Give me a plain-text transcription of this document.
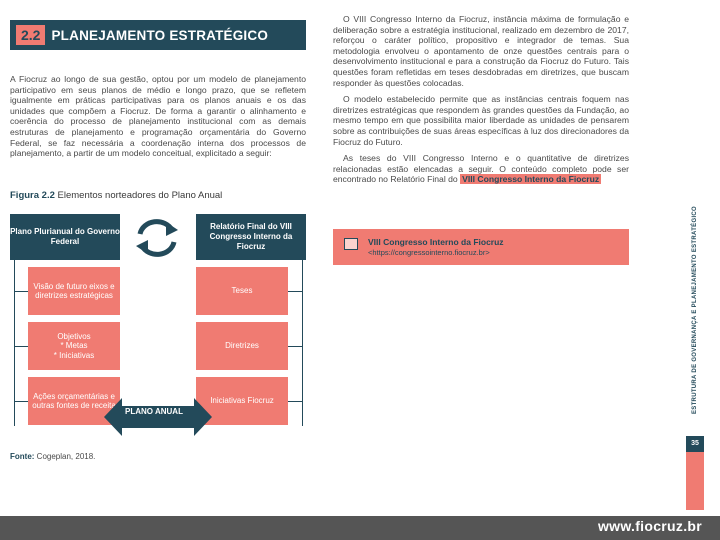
2.2 PLANEJAMENTO ESTRATÉGICO

A Fiocruz ao longo de sua gestão, optou por um modelo de planejamento participativo em seus planos de médio e longo prazo, que se refletem igualmente em práticas participativas para os planos anuais e os das unidades que compõem a Fiocruz. De forma a garantir o alinhamento e coerência do processo de planejamento institucional com as demais estruturas de planejamento e programação orçamentária do Governo Federal, se faz necessária a coordenação interna dos processos de planejamento, a partir de um modelo conceitual, explicitado a seguir:

Figura 2.2 Elementos norteadores do Plano Anual
Plano Plurianual do Governo Federal
Relatório Final do VIII Congresso Interno da Fiocruz
Visão de futuro eixos e diretrizes estratégicas
Objetivos
* Metas
* Iniciativas
Ações orçamentárias e outras fontes de receita
Teses
Diretrizes
Iniciativas Fiocruz
PLANO ANUAL
Fonte: Cogeplan, 2018.

O VIII Congresso Interno da Fiocruz, instância máxima de formulação e deliberação sobre a estratégia institucional, realizado em dezembro de 2017, reforçou o caráter político, propositivo e integrador de temas. Sua metodologia envolveu o apontamento de onze questões centrais para o desenvolvimento institucional e para a construção da Fiocruz do Futuro. Tais questões foram refletidas em teses desdobradas em diretrizes, que buscam responder às questões colocadas.

O modelo estabelecido permite que as instâncias centrais foquem nas diretrizes estratégicas que respondem às grandes questões da Fundação, ao mesmo tempo em que possibilita maior liberdade as unidades de pensarem sobre as contribuições de suas áreas específicas à luz dos direcionadores da Fiocruz do Futuro.

As teses do VIII Congresso Interno e o quantitative de diretrizes relacionadas estão elencadas a seguir. O conteúdo completo pode ser encontrado no Relatório Final do VIII Congresso Interno da Fiocruz

VIII Congresso Interno da Fiocruz
<https://congressointerno.fiocruz.br>	ESTRUTURA DE GOVERNANÇA E PLANEJAMENTO ESTRATÉGICO
35
www.fiocruz.br
